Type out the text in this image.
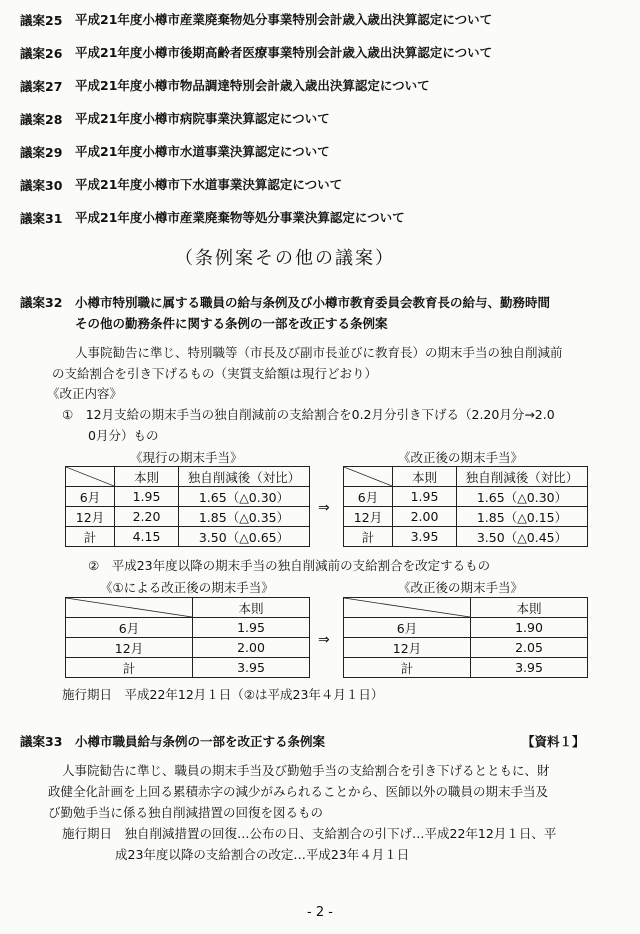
議案25 平成21年度小樽市産業廃棄物処分事業特別会計歳入歳出決算認定について
議案26 平成21年度小樽市後期高齢者医療事業特別会計歳入歳出決算認定について
議案27 平成21年度小樽市物品調達特別会計歳入歳出決算認定について
議案28 平成21年度小樽市病院事業決算認定について
議案29 平成21年度小樽市水道事業決算認定について
議案30 平成21年度小樽市下水道事業決算認定について
議案31 平成21年度小樽市産業廃棄物等処分事業決算認定について
（条例案その他の議案）
議案32 小樽市特別職に属する職員の給与条例及び小樽市教育委員会教育長の給与、勤務時間
その他の勤務条件に関する条例の一部を改正する条例案
人事院勧告に準じ、特別職等（市長及び副市長並びに教育長）の期末手当の独自削減前
の支給割合を引き下げるもの（実質支給額は現行どおり）
《改正内容》
①　12月支給の期末手当の独自削減前の支給割合を0.2月分引き下げる（2.20月分→2.0
0月分）もの
《現行の期末手当》	《改正後の期末手当》
	本則	独自削減後（対比）
6月	1.95	1.65（△0.30）
12月	2.20	1.85（△0.35）
計	4.15	3.50（△0.65）
⇒
	本則	独自削減後（対比）
6月	1.95	1.65（△0.30）
12月	2.00	1.85（△0.15）
計	3.95	3.50（△0.45）
②　平成23年度以降の期末手当の独自削減前の支給割合を改定するもの
《①による改正後の期末手当》	《改正後の期末手当》
	本則
6月	1.95
12月	2.00
計	3.95
⇒
	本則
6月	1.90
12月	2.05
計	3.95
施行期日　平成22年12月１日（②は平成23年４月１日）
議案33 小樽市職員給与条例の一部を改正する条例案	【資料１】
人事院勧告に準じ、職員の期末手当及び勤勉手当の支給割合を引き下げるとともに、財
政健全化計画を上回る累積赤字の減少がみられることから、医師以外の職員の期末手当及
び勤勉手当に係る独自削減措置の回復を図るもの
施行期日　独自削減措置の回復…公布の日、支給割合の引下げ…平成22年12月１日、平
成23年度以降の支給割合の改定…平成23年４月１日
- 2 -
